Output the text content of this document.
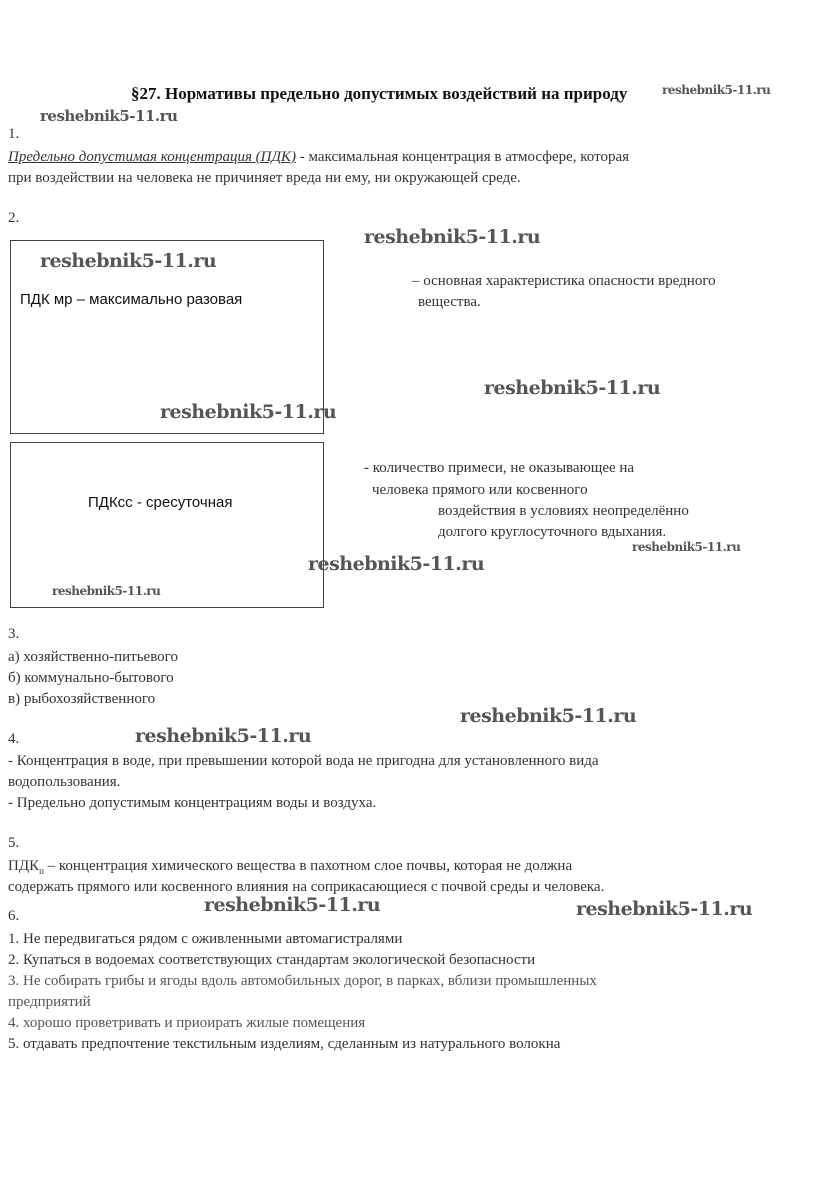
§27. Нормативы предельно допустимых воздействий на природу	reshebnik5-11.ru
reshebnik5-11.ru
1.
Предельно допустимая концентрация (ПДК) - максимальная концентрация в атмосфере, которая
при воздействии на человека не причиняет вреда ни ему, ни окружающей среде.
2.
reshebnik5-11.ru
reshebnik5-11.ru
ПДК мр – максимально разовая
– основная характеристика опасности вредного
вещества.
reshebnik5-11.ru
reshebnik5-11.ru
ПДКсс - сресуточная
- количество примеси, не оказывающее на
человека прямого или косвенного
воздействия в условиях неопределённо
долгого круглосуточного вдыхания.
reshebnik5-11.ru
reshebnik5-11.ru
reshebnik5-11.ru
3.
а) хозяйственно-питьевого
б) коммунально-бытового
в) рыбохозяйственного
reshebnik5-11.ru
4.	reshebnik5-11.ru
- Концентрация в воде, при превышении которой вода не пригодна для установленного вида
водопользования.
- Предельно допустимым концентрациям воды и воздуха.
5.
$ПДК_п$ – концентрация химического вещества в пахотном слое почвы, которая не должна
содержать прямого или косвенного влияния на соприкасающиеся с почвой среды и человека.
6.	reshebnik5-11.ru	reshebnik5-11.ru
1. Не передвигаться рядом с оживленными автомагистралями
2. Купаться в водоемах соответствующих стандартам экологической безопасности
3. Не собирать грибы и ягоды вдоль автомобильных дорог, в парках, вблизи промышленных
предприятий
4. хорошо проветривать и приоирать жилые помещения
5. отдавать предпочтение текстильным изделиям, сделанным из натурального волокна
